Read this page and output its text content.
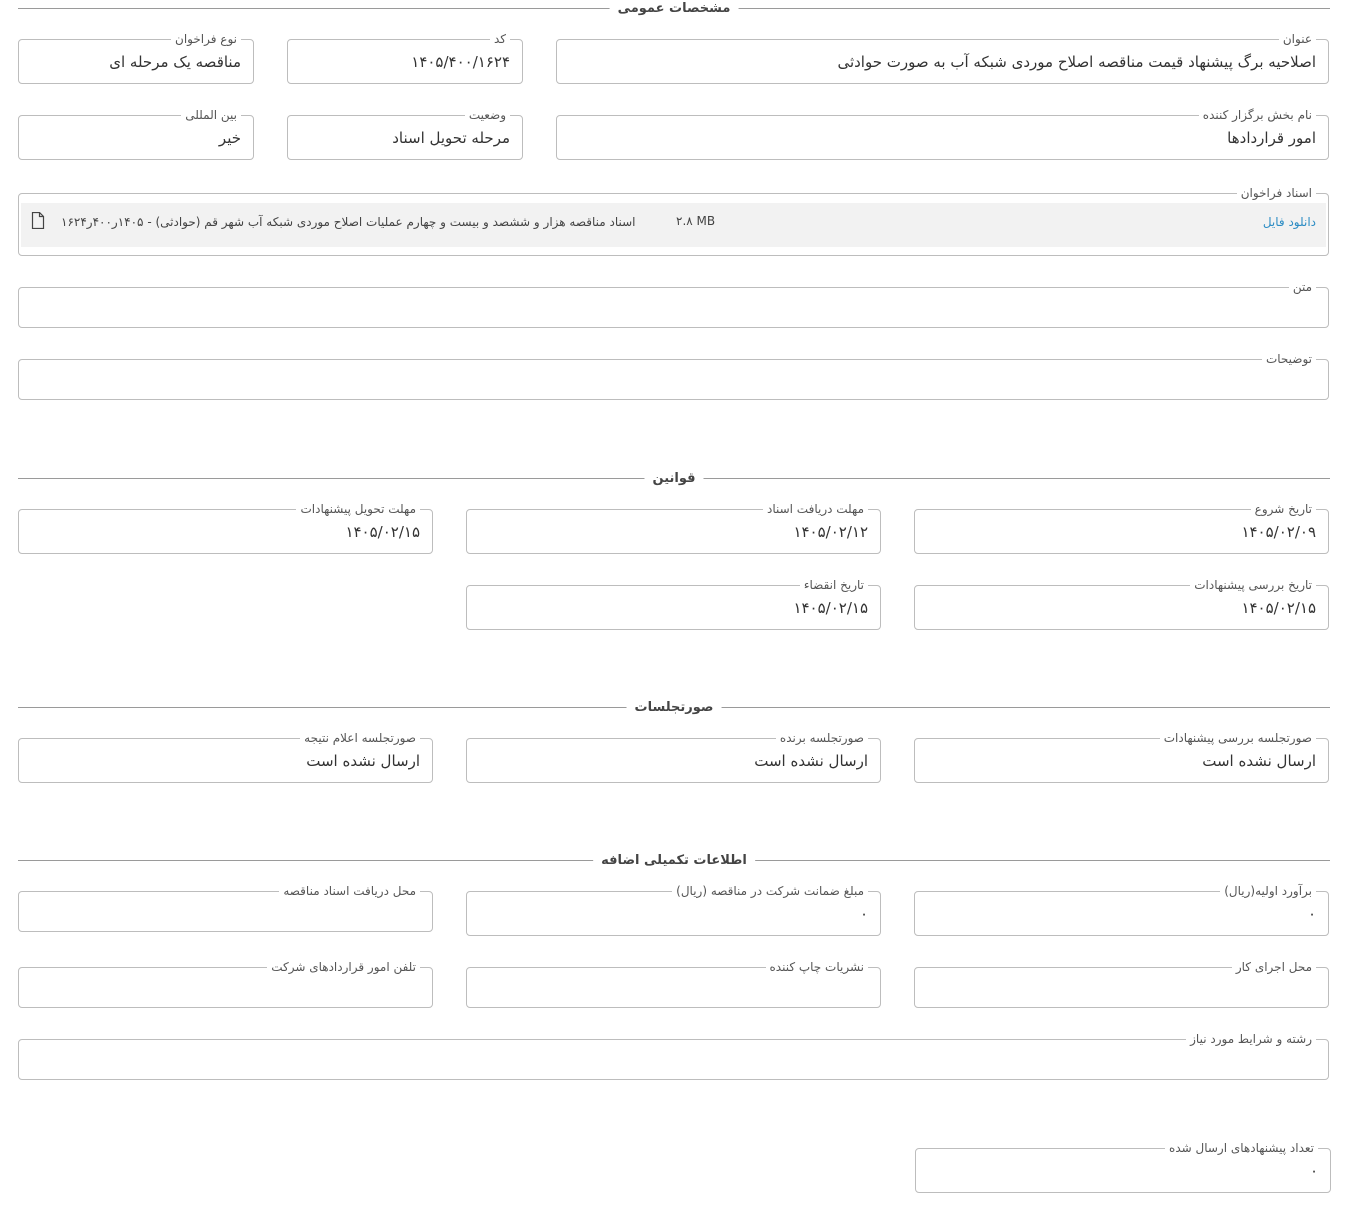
مشخصات عمومی
عنوان
اصلاحیه برگ پیشنهاد قیمت مناقصه اصلاح موردی شبکه آب به صورت حوادثی
کد
۱۴۰۵/۴۰۰/۱۶۲۴
نوع فراخوان
مناقصه یک مرحله ای
نام بخش برگزار کننده
امور قراردادها
وضعیت
مرحله تحویل اسناد
بین المللی
خیر
اسناد فراخوان
دانلود فایل
۲.۸ MB
اسناد مناقصه هزار و ششصد و بیست و چهارم عملیات اصلاح موردی شبکه آب شهر قم (حوادثی) - ۱۴۰۵ر۴۰۰ر۱۶۲۴
متن
توضیحات
قوانین
تاریخ شروع
۱۴۰۵/۰۲/۰۹
مهلت دریافت اسناد
۱۴۰۵/۰۲/۱۲
مهلت تحویل پیشنهادات
۱۴۰۵/۰۲/۱۵
تاریخ بررسی پیشنهادات
۱۴۰۵/۰۲/۱۵
تاریخ انقضاء
۱۴۰۵/۰۲/۱۵
صورتجلسات
صورتجلسه بررسی پیشنهادات
ارسال نشده است
صورتجلسه برنده
ارسال نشده است
صورتجلسه اعلام نتیجه
ارسال نشده است
اطلاعات تکمیلی اضافه
برآورد اولیه(ریال)
۰
مبلغ ضمانت شرکت در مناقصه (ریال)
۰
محل دریافت اسناد مناقصه
محل اجرای کار
نشریات چاپ کننده
تلفن امور قراردادهای شرکت
رشته و شرایط مورد نیاز
تعداد پیشنهادهای ارسال شده
۰
